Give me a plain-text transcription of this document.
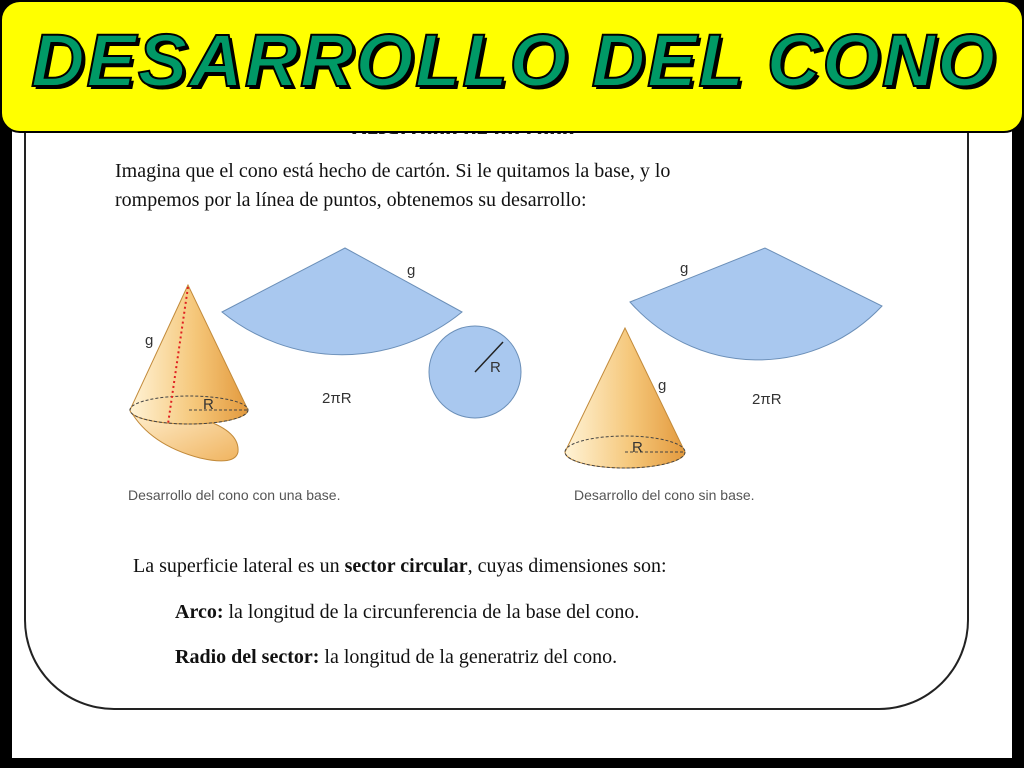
Imagina que el cono está hecho de cartón. Si le quitamos la base, y lo
rompemos por la línea de puntos, obtenemos su desarrollo:
g
2πR
R
g
R
g
2πR
g
R
Desarrollo del cono con una base.	Desarrollo del cono sin base.
La superficie lateral es un sector circular, cuyas dimensiones son:
Arco: la longitud de la circunferencia de la base del cono.
Radio del sector: la longitud de la generatriz del cono.
DESARROLLO DEL CONO
